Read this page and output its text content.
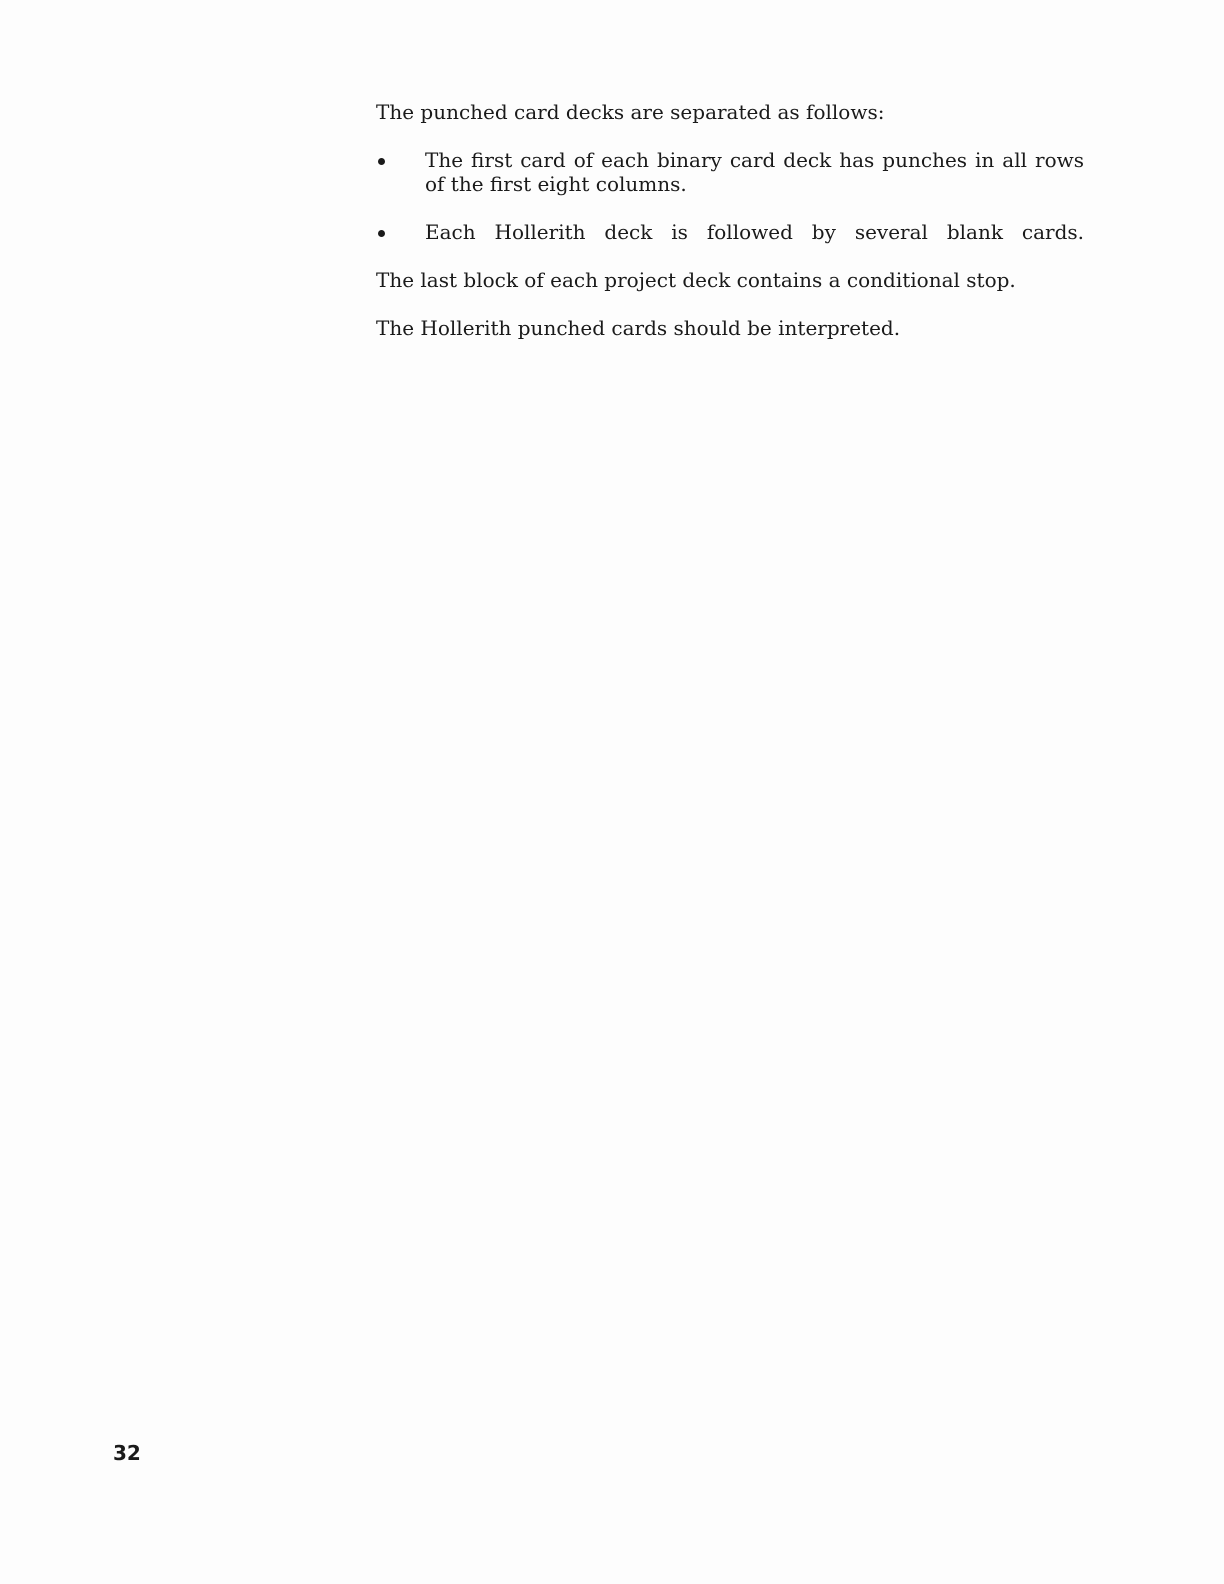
The punched card decks are separated as follows:

The first card of each binary card deck has punches in all rows of the first eight columns.
Each Hollerith deck is followed by several blank cards.

The last block of each project deck contains a conditional stop.

The Hollerith punched cards should be interpreted.

32
